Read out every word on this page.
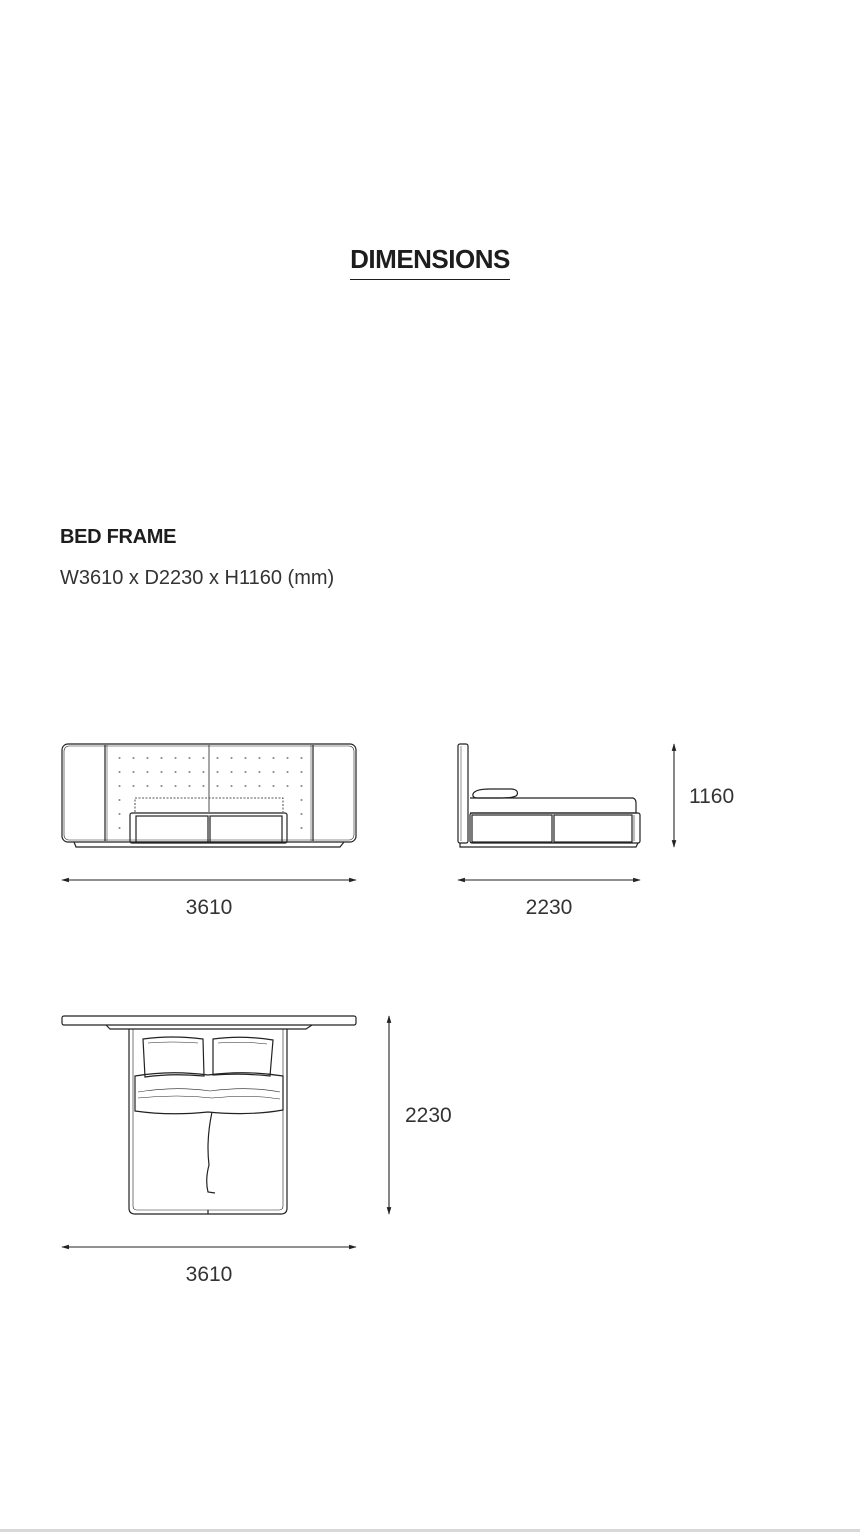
DIMENSIONS
BED FRAME
W3610 x D2230 x H1160 (mm)
3610	2230
1160
2230
3610
